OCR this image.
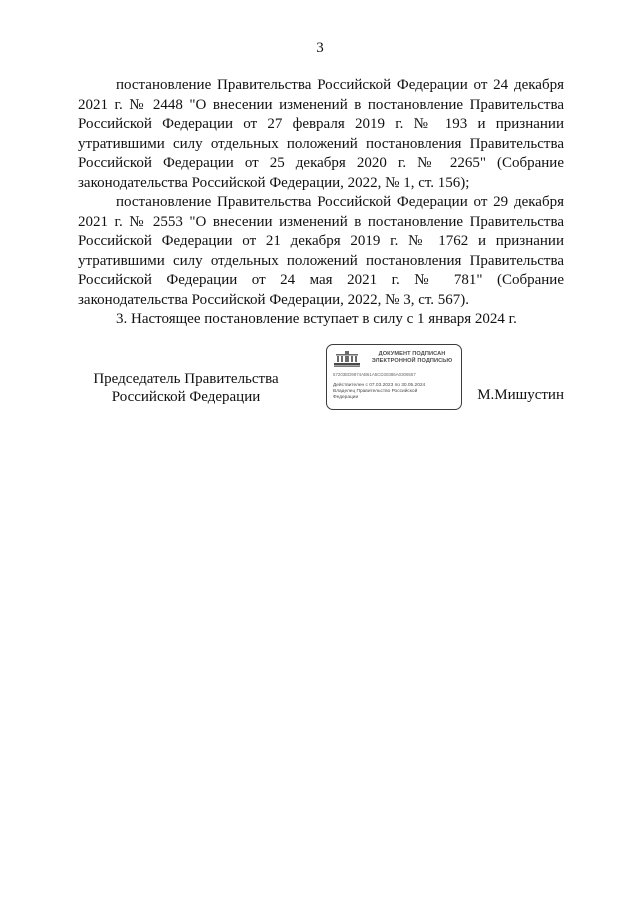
3

постановление Правительства Российской Федерации от 24 декабря 2021 г. № 2448 "О внесении изменений в постановление Правительства Российской Федерации от 27 февраля 2019 г. № 193 и признании утратившими силу отдельных положений постановления Правительства Российской Федерации от 25 декабря 2020 г. № 2265" (Собрание законодательства Российской Федерации, 2022, № 1, ст. 156);

постановление Правительства Российской Федерации от 29 декабря 2021 г. № 2553 "О внесении изменений в постановление Правительства Российской Федерации от 21 декабря 2019 г. № 1762 и признании утратившими силу отдельных положений постановления Правительства Российской Федерации от 24 мая 2021 г. № 781" (Собрание законодательства Российской Федерации, 2022, № 3, ст. 567).

3. Настоящее постановление вступает в силу с 1 января 2024 г.

Председатель Правительства
Российской Федерации
ДОКУМЕНТ ПОДПИСАН
ЭЛЕКТРОННОЙ ПОДПИСЬЮ
57203ЕD9874АВ61А5СD30386А0306557
Действителен с 07.03.2023 по 30.05.2024
Владелец Правительство Российской
Федерации	М.Мишустин
